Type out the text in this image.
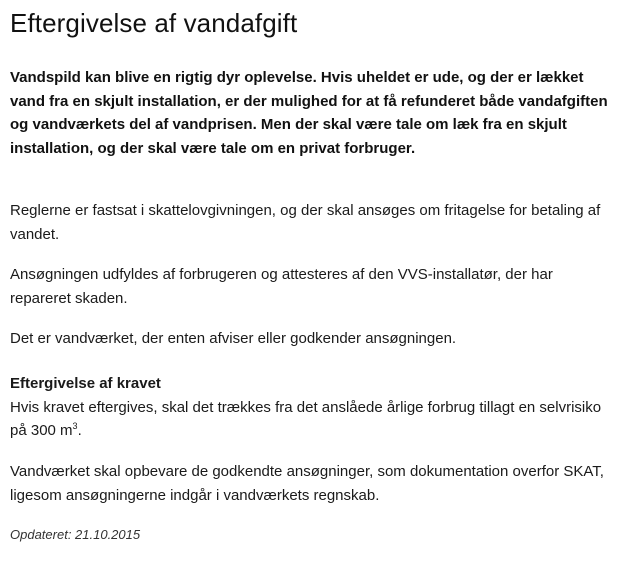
Eftergivelse af vandafgift

Vandspild kan blive en rigtig dyr oplevelse. Hvis uheldet er ude, og der er lækket vand fra en skjult installation, er der mulighed for at få refunderet både vandafgiften og vandværkets del af vandprisen. Men der skal være tale om læk fra en skjult installation, og der skal være tale om en privat forbruger.

Reglerne er fastsat i skattelovgivningen, og der skal ansøges om fritagelse for betaling af vandet.

Ansøgningen udfyldes af forbrugeren og attesteres af den VVS-installatør, der har repareret skaden.

Det er vandværket, der enten afviser eller godkender ansøgningen.

Eftergivelse af kravet
Hvis kravet eftergives, skal det trækkes fra det anslåede årlige forbrug tillagt en selvrisiko på 300 $m^3$.

Vandværket skal opbevare de godkendte ansøgninger, som dokumentation overfor SKAT, ligesom ansøgningerne indgår i vandværkets regnskab.

Opdateret: 21.10.2015
